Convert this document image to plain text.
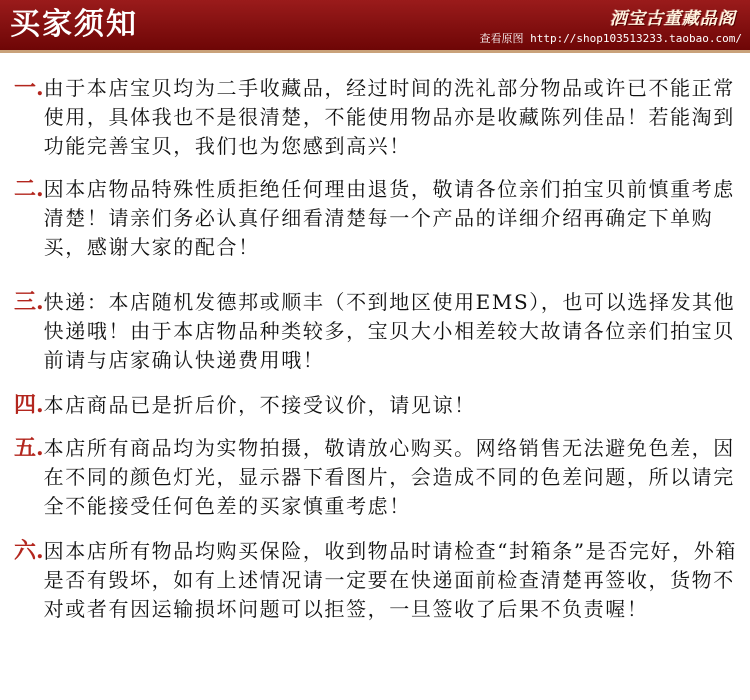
买家须知	洒宝古董藏品阁
查看原图 http://shop103513233.taobao.com/
一. 由于本店宝贝均为二手收藏品，经过时间的洗礼部分物品或许已不能正常使用，具体我也不是很清楚，不能使用物品亦是收藏陈列佳品！若能淘到功能完善宝贝，我们也为您感到高兴！
二. 因本店物品特殊性质拒绝任何理由退货，敬请各位亲们拍宝贝前慎重考虑清楚！请亲们务必认真仔细看清楚每一个产品的详细介绍再确定下单购买，感谢大家的配合！
三. 快递：本店随机发德邦或顺丰（不到地区使用EMS），也可以选择发其他快递哦！由于本店物品种类较多，宝贝大小相差较大故请各位亲们拍宝贝前请与店家确认快递费用哦！
四. 本店商品已是折后价，不接受议价，请见谅！
五. 本店所有商品均为实物拍摄，敬请放心购买。网络销售无法避免色差，因在不同的颜色灯光，显示器下看图片，会造成不同的色差问题，所以请完全不能接受任何色差的买家慎重考虑！
六. 因本店所有物品均购买保险，收到物品时请检查“封箱条”是否完好，外箱是否有毁坏，如有上述情况请一定要在快递面前检查清楚再签收，货物不对或者有因运输损坏问题可以拒签，一旦签收了后果不负责喔！
